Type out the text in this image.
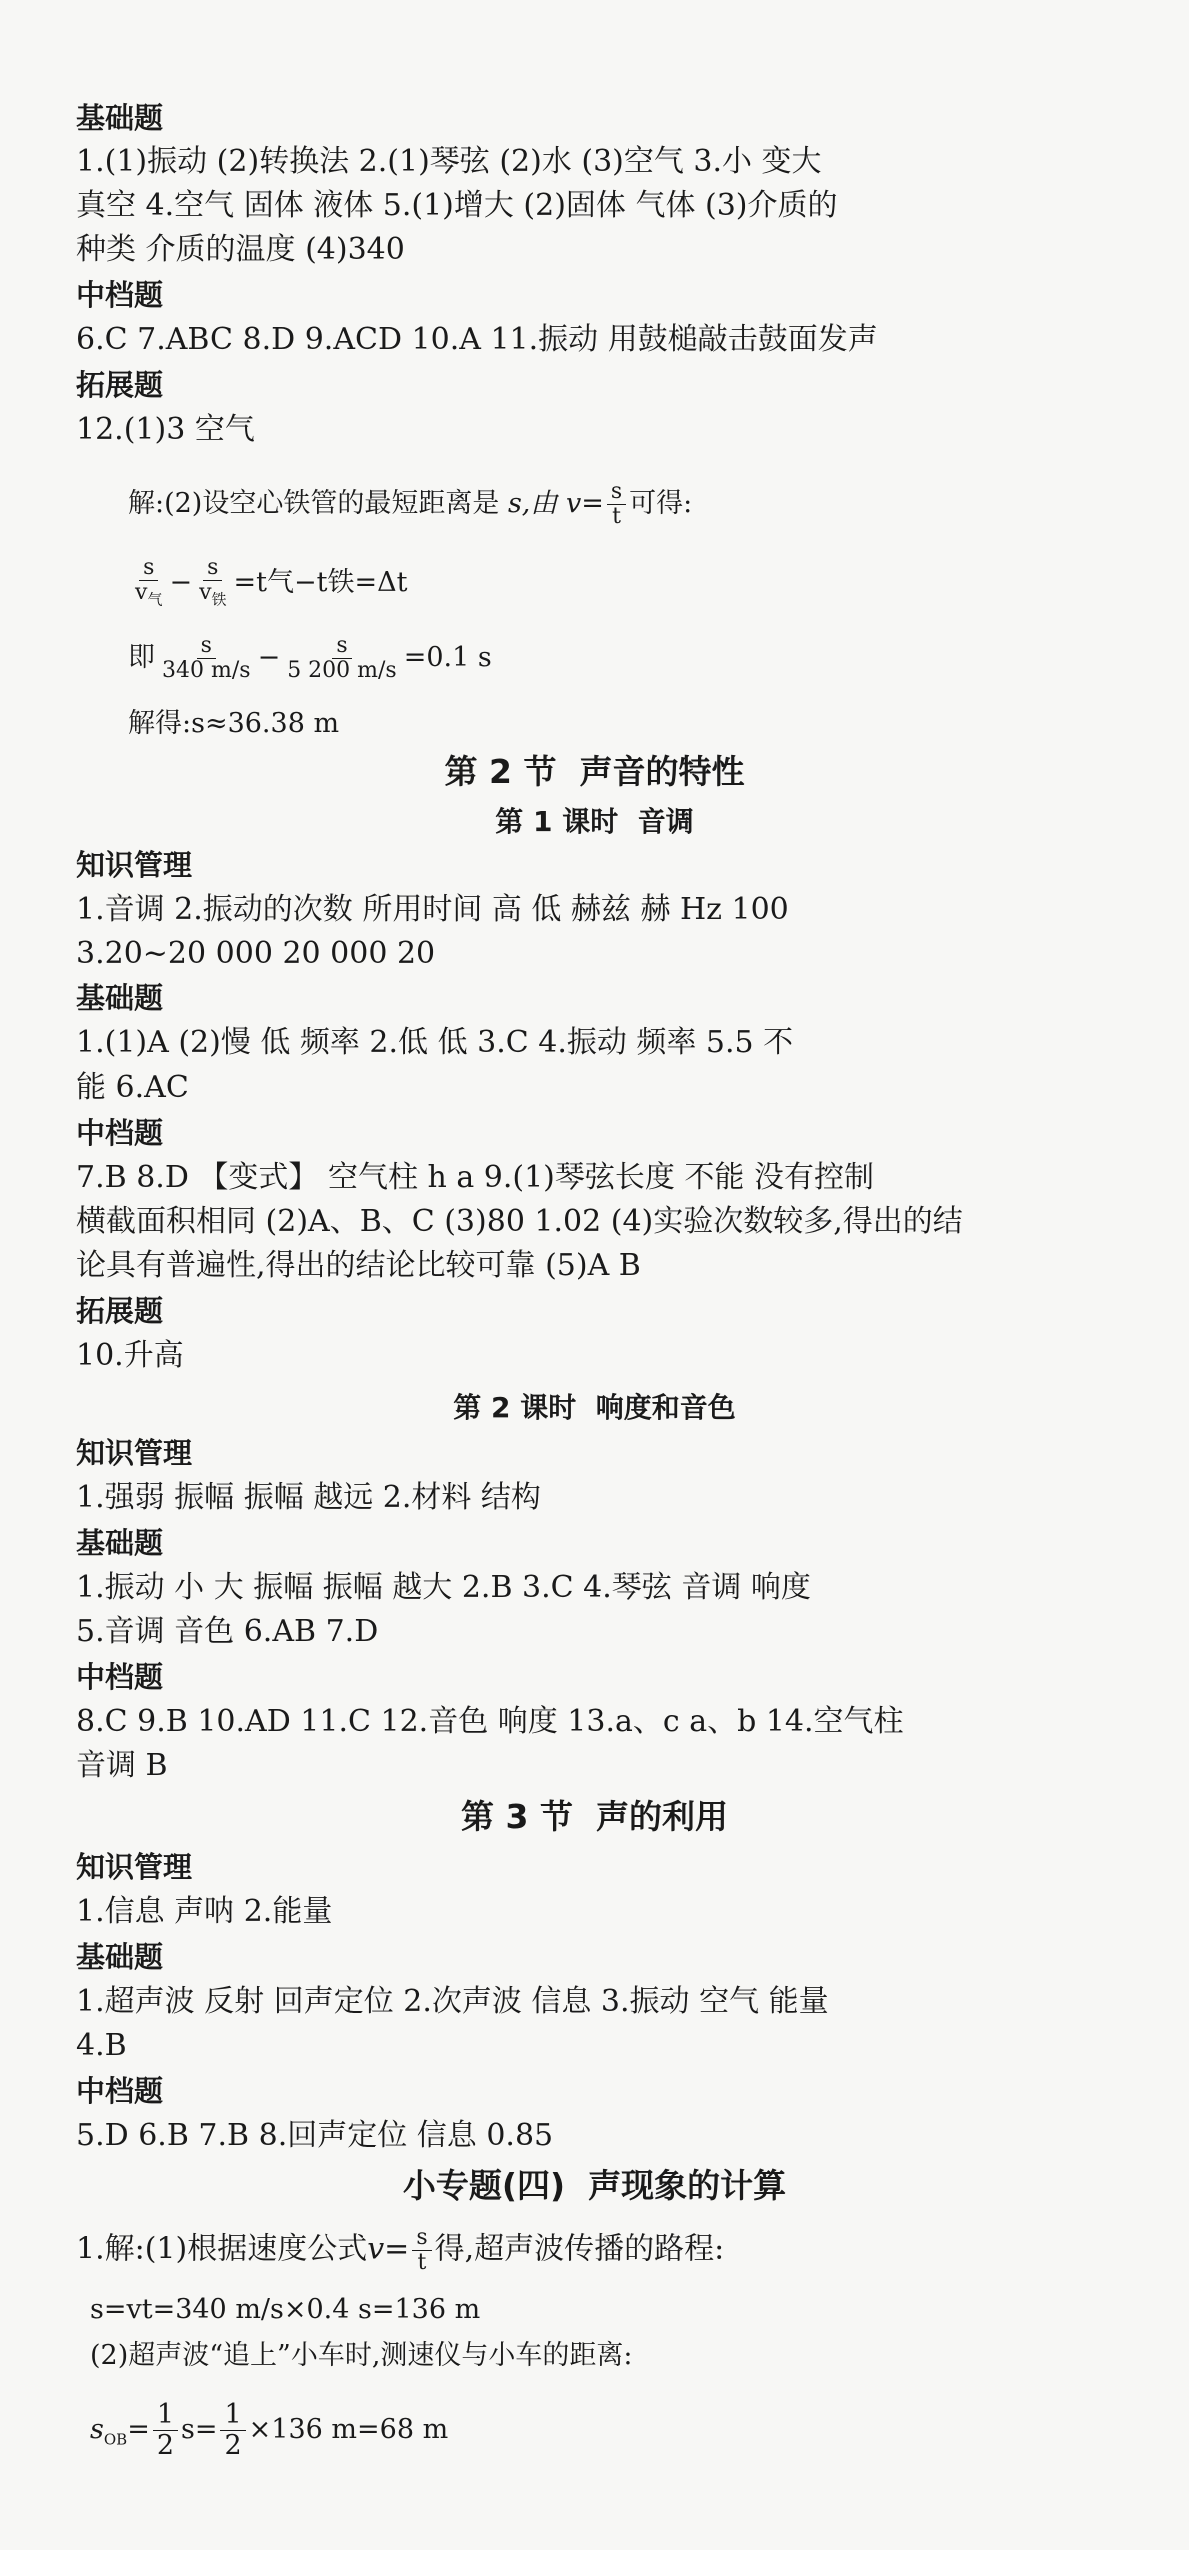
基础题
1.(1)振动 (2)转换法 2.(1)琴弦 (2)水 (3)空气 3.小 变大
真空 4.空气 固体 液体 5.(1)增大 (2)固体 气体 (3)介质的
种类 介质的温度 (4)340
中档题
6.C 7.ABC 8.D 9.ACD 10.A 11.振动 用鼓槌敲击鼓面发声
拓展题
12.(1)3 空气
解:(2)设空心铁管的最短距离是 s,由 $v= \frac{s}{t}$ 可得:
$\frac{s}{v_气} - \frac{s}{v_铁} =t$气−t铁=Δt
即 $\frac{s}{340 m/s} - \frac{s}{5 200 m/s} =0.1$ s
解得:s≈36.38 m
第 2 节  声音的特性
第 1 课时  音调
知识管理
1.音调 2.振动的次数 所用时间 高 低 赫兹 赫 Hz 100
3.20~20 000 20 000 20
基础题
1.(1)A (2)慢 低 频率 2.低 低 3.C 4.振动 频率 5.5 不
能 6.AC
中档题
7.B 8.D 【变式】 空气柱 h a 9.(1)琴弦长度 不能 没有控制
横截面积相同 (2)A、B、C (3)80 1.02 (4)实验次数较多,得出的结
论具有普遍性,得出的结论比较可靠 (5)A B
拓展题
10.升高
第 2 课时  响度和音色
知识管理
1.强弱 振幅 振幅 越远 2.材料 结构
基础题
1.振动 小 大 振幅 振幅 越大 2.B 3.C 4.琴弦 音调 响度
5.音调 音色 6.AB 7.D
中档题
8.C 9.B 10.AD 11.C 12.音色 响度 13.a、c a、b 14.空气柱
音调 B
第 3 节  声的利用
知识管理
1.信息 声呐 2.能量
基础题
1.超声波 反射 回声定位 2.次声波 信息 3.振动 空气 能量
4.B
中档题
5.D 6.B 7.B 8.回声定位 信息 0.85
小专题(四)  声现象的计算
1.解:(1)根据速度公式$v= \frac{s}{t}$ 得,超声波传播的路程:
s=vt=340 m/s×0.4 s=136 m
(2)超声波“追上”小车时,测速仪与小车的距离:
$s_{OB}= \frac{1}{2} s= \frac{1}{2} \times 136$ m=68 m
